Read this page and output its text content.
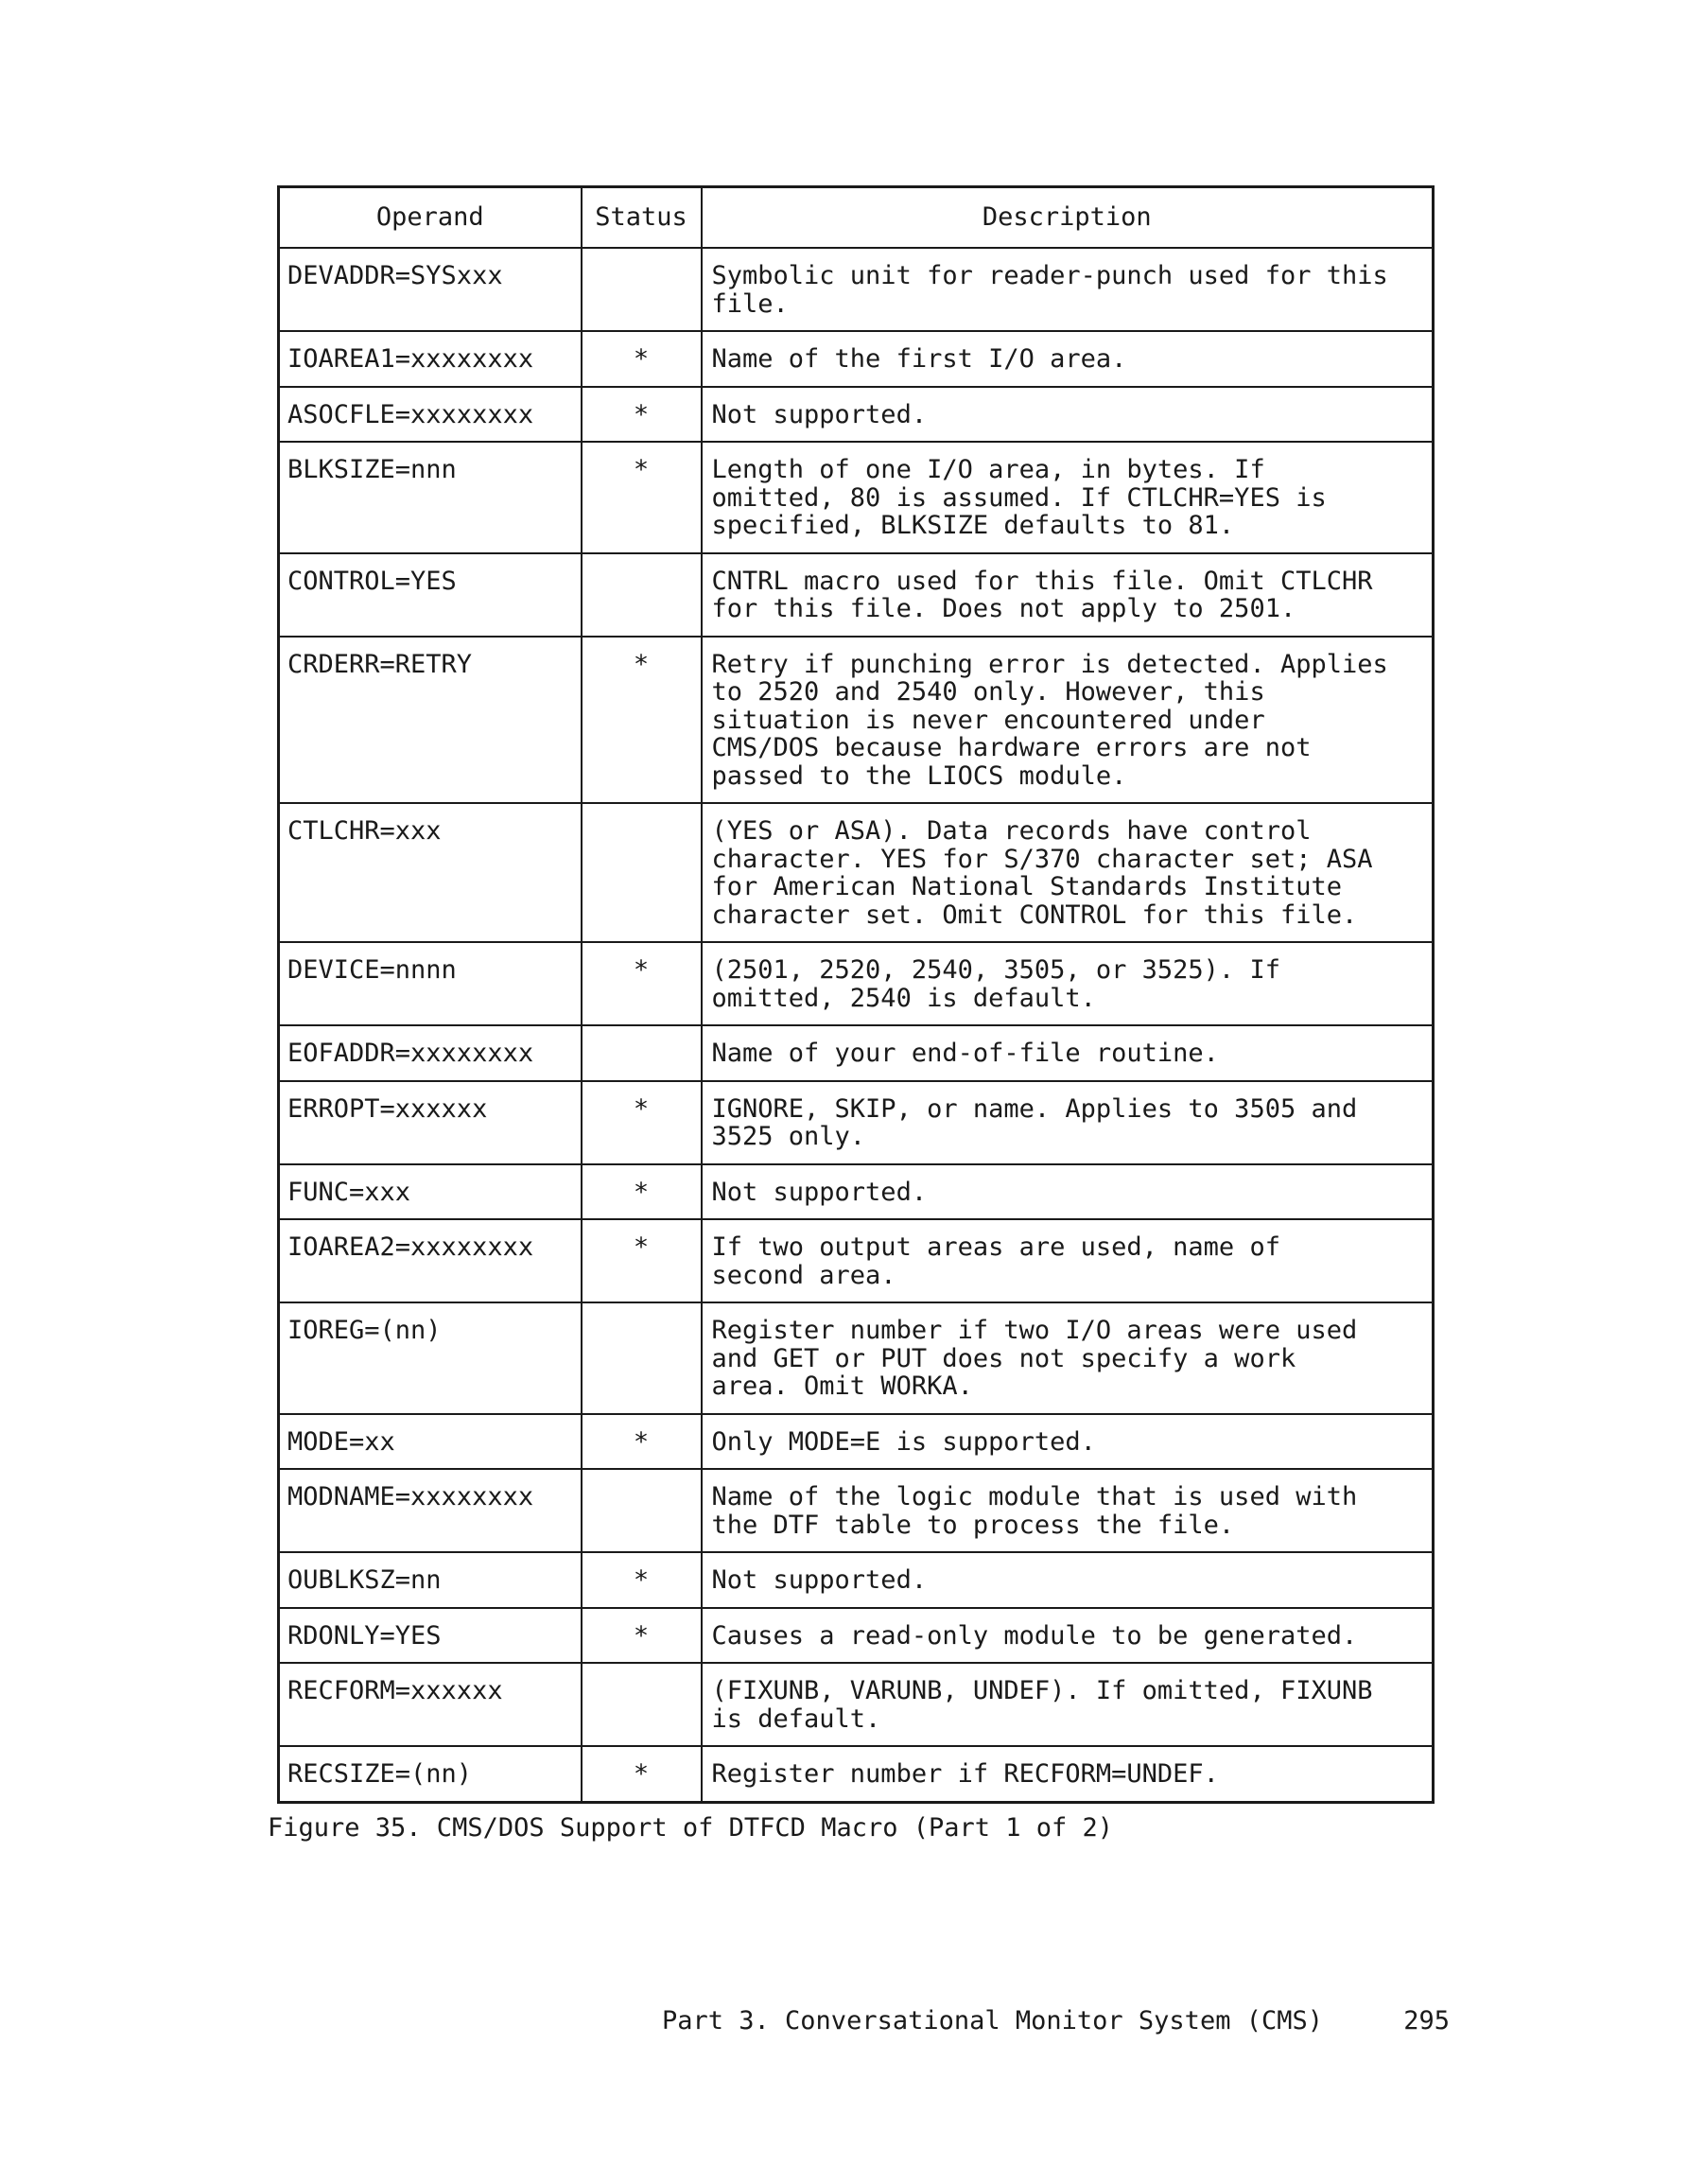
Operand	Status	Description
DEVADDR=SYSxxx		Symbolic unit for reader-punch used for this
file.
IOAREA1=xxxxxxxx	*	Name of the first I/O area.
ASOCFLE=xxxxxxxx	*	Not supported.
BLKSIZE=nnn	*	Length of one I/O area, in bytes. If
omitted, 80 is assumed. If CTLCHR=YES is
specified, BLKSIZE defaults to 81.
CONTROL=YES		CNTRL macro used for this file. Omit CTLCHR
for this file. Does not apply to 2501.
CRDERR=RETRY	*	Retry if punching error is detected. Applies
to 2520 and 2540 only. However, this
situation is never encountered under
CMS/DOS because hardware errors are not
passed to the LIOCS module.
CTLCHR=xxx		(YES or ASA). Data records have control
character. YES for S/370 character set; ASA
for American National Standards Institute
character set. Omit CONTROL for this file.
DEVICE=nnnn	*	(2501, 2520, 2540, 3505, or 3525). If
omitted, 2540 is default.
EOFADDR=xxxxxxxx		Name of your end-of-file routine.
ERROPT=xxxxxx	*	IGNORE, SKIP, or name. Applies to 3505 and
3525 only.
FUNC=xxx	*	Not supported.
IOAREA2=xxxxxxxx	*	If two output areas are used, name of
second area.
IOREG=(nn)		Register number if two I/O areas were used
and GET or PUT does not specify a work
area. Omit WORKA.
MODE=xx	*	Only MODE=E is supported.
MODNAME=xxxxxxxx		Name of the logic module that is used with
the DTF table to process the file.
OUBLKSZ=nn	*	Not supported.
RDONLY=YES	*	Causes a read-only module to be generated.
RECFORM=xxxxxx		(FIXUNB, VARUNB, UNDEF). If omitted, FIXUNB
is default.
RECSIZE=(nn)	*	Register number if RECFORM=UNDEF.
Figure 35. CMS/DOS Support of DTFCD Macro (Part 1 of 2)
Part 3. Conversational Monitor System (CMS)	295
